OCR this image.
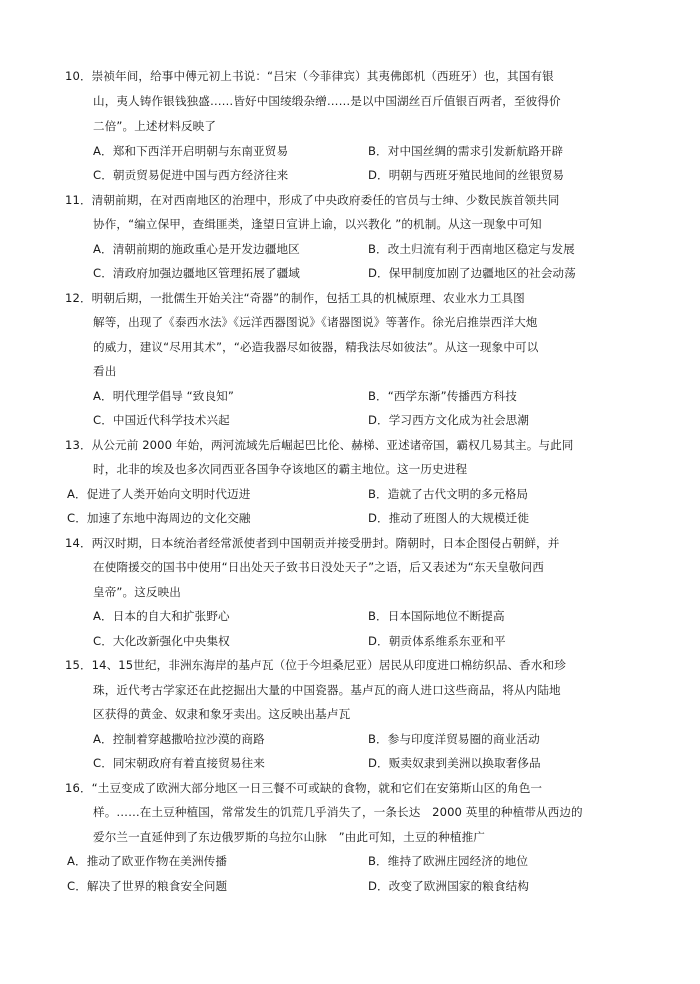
10．崇祯年间，给事中傅元初上书说：“吕宋（今菲律宾）其夷佛郎机（西班牙）也，其国有银
山，夷人铸作银钱独盛……皆好中国绫缎杂缯……是以中国湖丝百斤值银百两者，至彼得价
二倍”。上述材料反映了
A．郑和下西洋开启明朝与东南亚贸易	B．对中国丝绸的需求引发新航路开辟
C．朝贡贸易促进中国与西方经济往来	D．明朝与西班牙殖民地间的丝银贸易
11．清朝前期，在对西南地区的治理中，形成了中央政府委任的官员与士绅、少数民族首领共同
协作，“编立保甲，查缉匪类，逢望日宣讲上谕，以兴教化 ”的机制。从这一现象中可知
A．清朝前期的施政重心是开发边疆地区	B．改土归流有利于西南地区稳定与发展
C．清政府加强边疆地区管理拓展了疆域	D．保甲制度加剧了边疆地区的社会动荡
12．明朝后期，一批儒生开始关注“奇器”的制作，包括工具的机械原理、农业水力工具图
解等，出现了《泰西水法》《远洋西器图说》《诸器图说》等著作。徐光启推崇西洋大炮
的威力，建议“尽用其术”，“必造我器尽如彼器，精我法尽如彼法”。从这一现象中可以
看出
A．明代理学倡导 “致良知”	B．“西学东渐”传播西方科技
C．中国近代科学技术兴起	D．学习西方文化成为社会思潮
13．从公元前 2000 年始，两河流域先后崛起巴比伦、赫梯、亚述诸帝国，霸权几易其主。与此同
时，北非的埃及也多次同西亚各国争夺该地区的霸主地位。这一历史进程
A．促进了人类开始向文明时代迈进	B．造就了古代文明的多元格局
C．加速了东地中海周边的文化交融	D．推动了班图人的大规模迁徙
14．两汉时期，日本统治者经常派使者到中国朝贡并接受册封。隋朝时，日本企图侵占朝鲜，并
在使隋援交的国书中使用“日出处天子致书日没处天子”之语，后又表述为“东天皇敬问西
皇帝”。这反映出
A．日本的自大和扩张野心	B．日本国际地位不断提高
C．大化改新强化中央集权	D．朝贡体系维系东亚和平
15．14、15世纪，非洲东海岸的基卢瓦（位于今坦桑尼亚）居民从印度进口棉纺织品、香水和珍
珠，近代考古学家还在此挖掘出大量的中国瓷器。基卢瓦的商人进口这些商品，将从内陆地
区获得的黄金、奴隶和象牙卖出。这反映出基卢瓦
A．控制着穿越撒哈拉沙漠的商路	B．参与印度洋贸易圈的商业活动
C．同宋朝政府有着直接贸易往来	D．贩卖奴隶到美洲以换取奢侈品
16．“土豆变成了欧洲大部分地区一日三餐不可或缺的食物，就和它们在安第斯山区的角色一
样。……在土豆种植国，常常发生的饥荒几乎消失了，一条长达　2000 英里的种植带从西边的
爱尔兰一直延伸到了东边俄罗斯的乌拉尔山脉　”由此可知，土豆的种植推广
A．推动了欧亚作物在美洲传播	B．维持了欧洲庄园经济的地位
C．解决了世界的粮食安全问题	D．改变了欧洲国家的粮食结构
